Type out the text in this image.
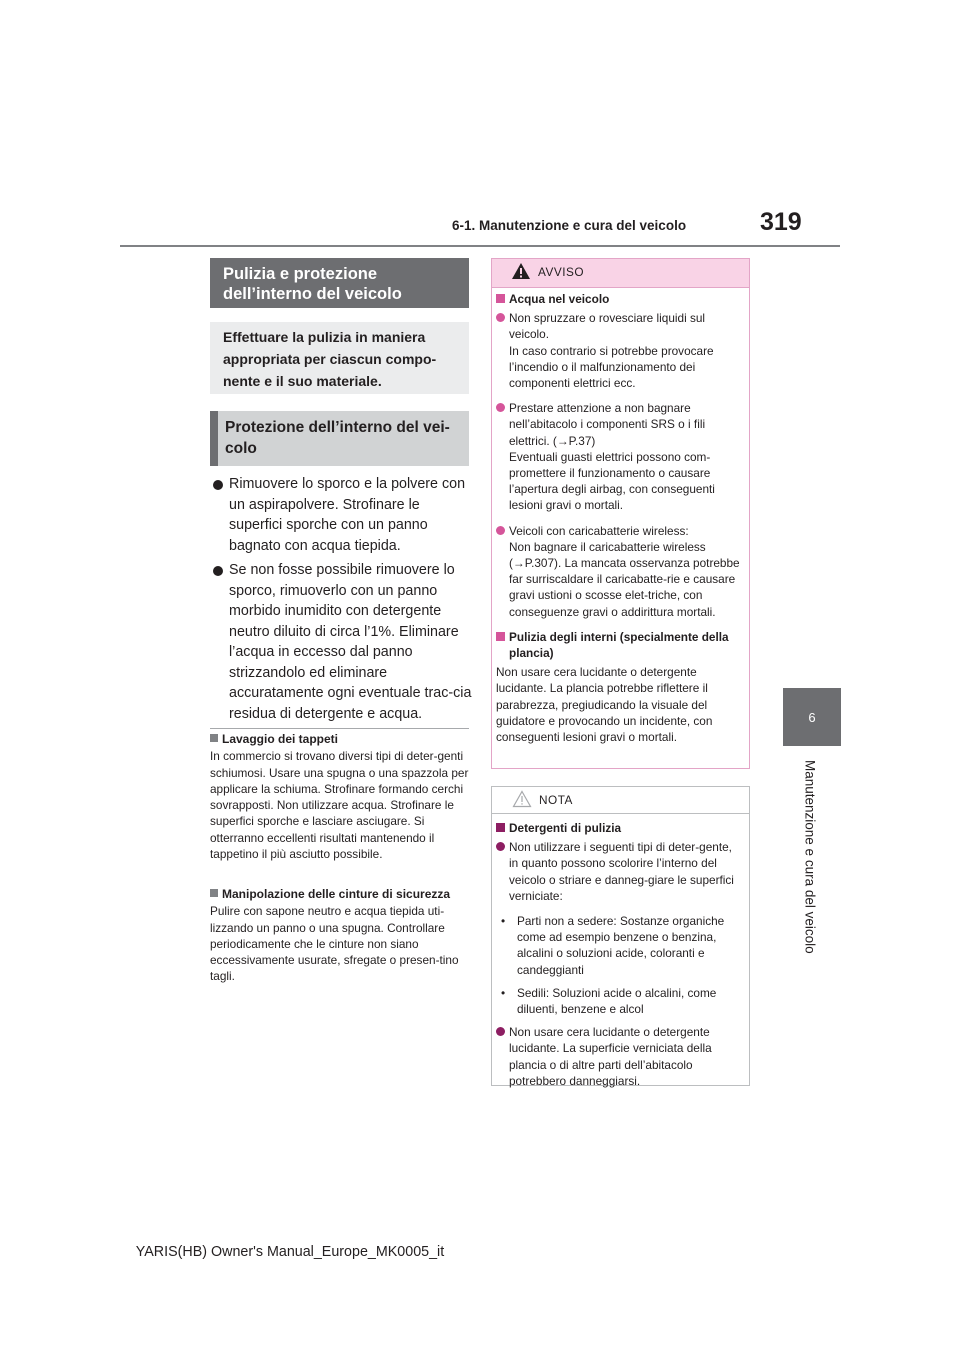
6-1. Manutenzione e cura del veicolo	319
6
Manutenzione e cura del veicolo
Pulizia e protezione dell’interno del veicolo
Effettuare la pulizia in maniera appropriata per ciascun compo-nente e il suo materiale.
Protezione dell’interno del vei-colo
Rimuovere lo sporco e la polvere con un aspirapolvere. Strofinare le superfici sporche con un panno bagnato con acqua tiepida.
Se non fosse possibile rimuovere lo sporco, rimuoverlo con un panno morbido inumidito con detergente neutro diluito di circa l’1%. Eliminare l’acqua in eccesso dal panno strizzandolo ed eliminare accuratamente ogni eventuale trac-cia residua di detergente e acqua.
Lavaggio dei tappeti
In commercio si trovano diversi tipi di deter-genti schiumosi. Usare una spugna o una spazzola per applicare la schiuma. Strofinare formando cerchi sovrapposti. Non utilizzare acqua. Strofinare le superfici sporche e lasciare asciugare. Si otterranno eccellenti risultati mantenendo il tappetino il più asciutto possibile.
Manipolazione delle cinture di sicurezza
Pulire con sapone neutro e acqua tiepida uti-lizzando un panno o una spugna. Controllare periodicamente che le cinture non siano eccessivamente usurate, sfregate o presen-tino tagli.
AVVISO
Acqua nel veicolo
Non spruzzare o rovesciare liquidi sul veicolo.
In caso contrario si potrebbe provocare l’incendio o il malfunzionamento dei componenti elettrici ecc.
Prestare attenzione a non bagnare nell’abitacolo i componenti SRS o i fili elettrici. (→P.37)
Eventuali guasti elettrici possono com-promettere il funzionamento o causare l’apertura degli airbag, con conseguenti lesioni gravi o mortali.
Veicoli con caricabatterie wireless:
Non bagnare il caricabatterie wireless (→P.307). La mancata osservanza potrebbe far surriscaldare il caricabatte-rie e causare gravi ustioni o scosse elet-triche, con conseguenze gravi o addirittura mortali.
Pulizia degli interni (specialmente della plancia)

Non usare cera lucidante o detergente lucidante. La plancia potrebbe riflettere il parabrezza, pregiudicando la visuale del guidatore e provocando un incidente, con conseguenti lesioni gravi o mortali.

NOTA
Detergenti di pulizia
Non utilizzare i seguenti tipi di deter-gente, in quanto possono scolorire l’interno del veicolo o striare e danneg-giare le superfici verniciate:
• Parti non a sedere: Sostanze organiche come ad esempio benzene o benzina, alcalini o soluzioni acide, coloranti e candeggianti
• Sedili: Soluzioni acide o alcalini, come diluenti, benzene e alcol
Non usare cera lucidante o detergente lucidante. La superficie verniciata della plancia o di altre parti dell’abitacolo potrebbero danneggiarsi.
YARIS(HB) Owner's Manual_Europe_MK0005_it
